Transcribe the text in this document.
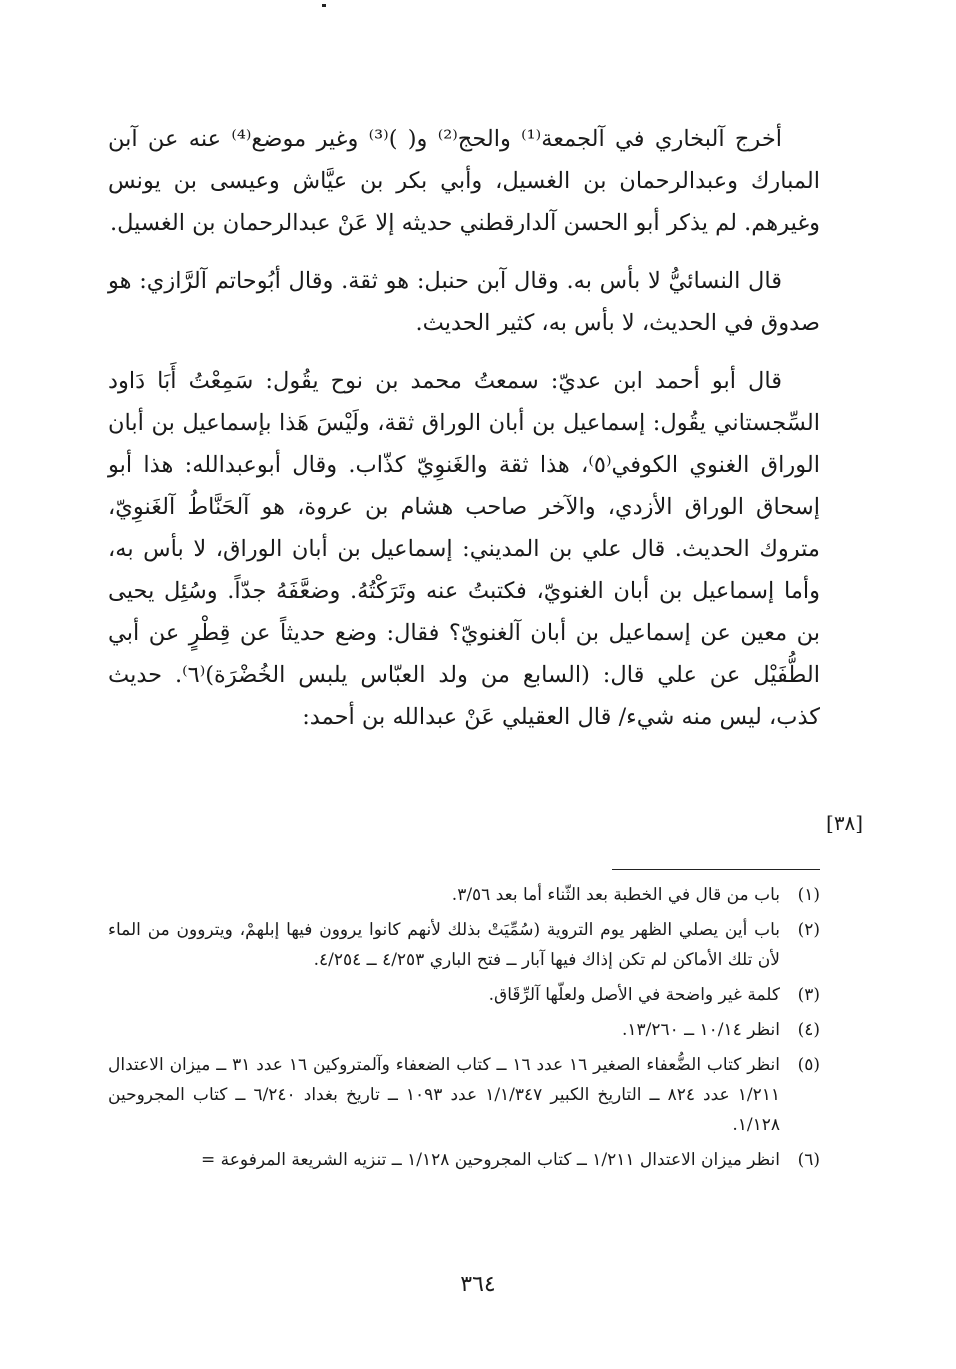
أخرج آلبخاري في آلجمعة⁽¹⁾ والحج⁽²⁾ و( )⁽³⁾ وغير موضع⁽⁴⁾ عنه عن آبن المبارك وعبدالرحمان بن الغسيل، وأبي بكر بن عيَّاش وعيسى بن يونس وغيرهم. لم يذكر أبو الحسن آلدارقطني حديثه إلا عَنْ عبدالرحمان بن الغسيل.

قال النسائيُّ لا بأس به. وقال آبن حنبل: هو ثقة. وقال أبُوحاتم آلرَّازي: هو صدوق في الحديث، لا بأس به، كثير الحديث.

قال أبو أحمد ابن عديّ: سمعتُ محمد بن نوح يقُول: سَمِعْتُ أَبَا دَاود السِّجستاني يقُول: إسماعيل بن أبان الوراق ثقة، ولَيْسَ هَذا بإسماعيل بن أبان الوراق الغنوي الكوفي⁽٥⁾، هذا ثقة والغَنوِيّ كذّاب. وقال أبوعبدالله: هذا أبو إسحاق الوراق الأزدي، والآخر صاحب هشام بن عروة، هو آلحَنَّاطُ آلغَنوِيّ، متروك الحديث. قال علي بن المديني: إسماعيل بن أبان الوراق، لا بأس به، وأما إسماعيل بن أبان الغنويّ، فكتبتُ عنه وتَرَكْتُهُ. وضعَّفَهُ جدّاً. وسُئِل يحيى بن معين عن إسماعيل بن أبان آلغنويّ؟ فقال: وضع حديثاً عن قِطْرٍ عن أبي الطُّفَيْل عن علي قال: (السابع من ولد العبّاس يلبس الخُضْرَة)⁽٦⁾. حديث كذب، ليس منه شيء/ قال العقيلي عَنْ عبدالله بن أحمد:

[٣٨]
(١)
باب من قال في الخطبة بعد الثّناء أما بعد ٣/٥٦.
(٢)
باب أين يصلي الظهر يوم التروية (سُمِّيَتْ بذلك لأنهم كانوا يروون فيها إبلهمْ، ويتروون من الماء لأن تلك الأماكن لم تكن إذاك فيها آبار ــ فتح الباري ٤/٢٥٣ ــ ٤/٢٥٤.
(٣)
كلمة غير واضحة في الأصل ولعلّها آلرِّقَاق.
(٤)
انظر ١٠/١٤ ــ ١٣/٢٦٠.
(٥)
انظر كتاب الضُّعفاء الصغير ١٦ عدد ١٦ ــ كتاب الضعفاء وآلمتروكين ١٦ عدد ٣١ ــ ميزان الاعتدال ١/٢١١ عدد ٨٢٤ ــ التاريخ الكبير ١/١/٣٤٧ عدد ١٠٩٣ ــ تاريخ بغداد ٦/٢٤٠ ــ كتاب المجروحين ١/١٢٨.
(٦)
انظر ميزان الاعتدال ١/٢١١ ــ كتاب المجروحين ١/١٢٨ ــ تنزيه الشريعة المرفوعة =
٣٦٤
